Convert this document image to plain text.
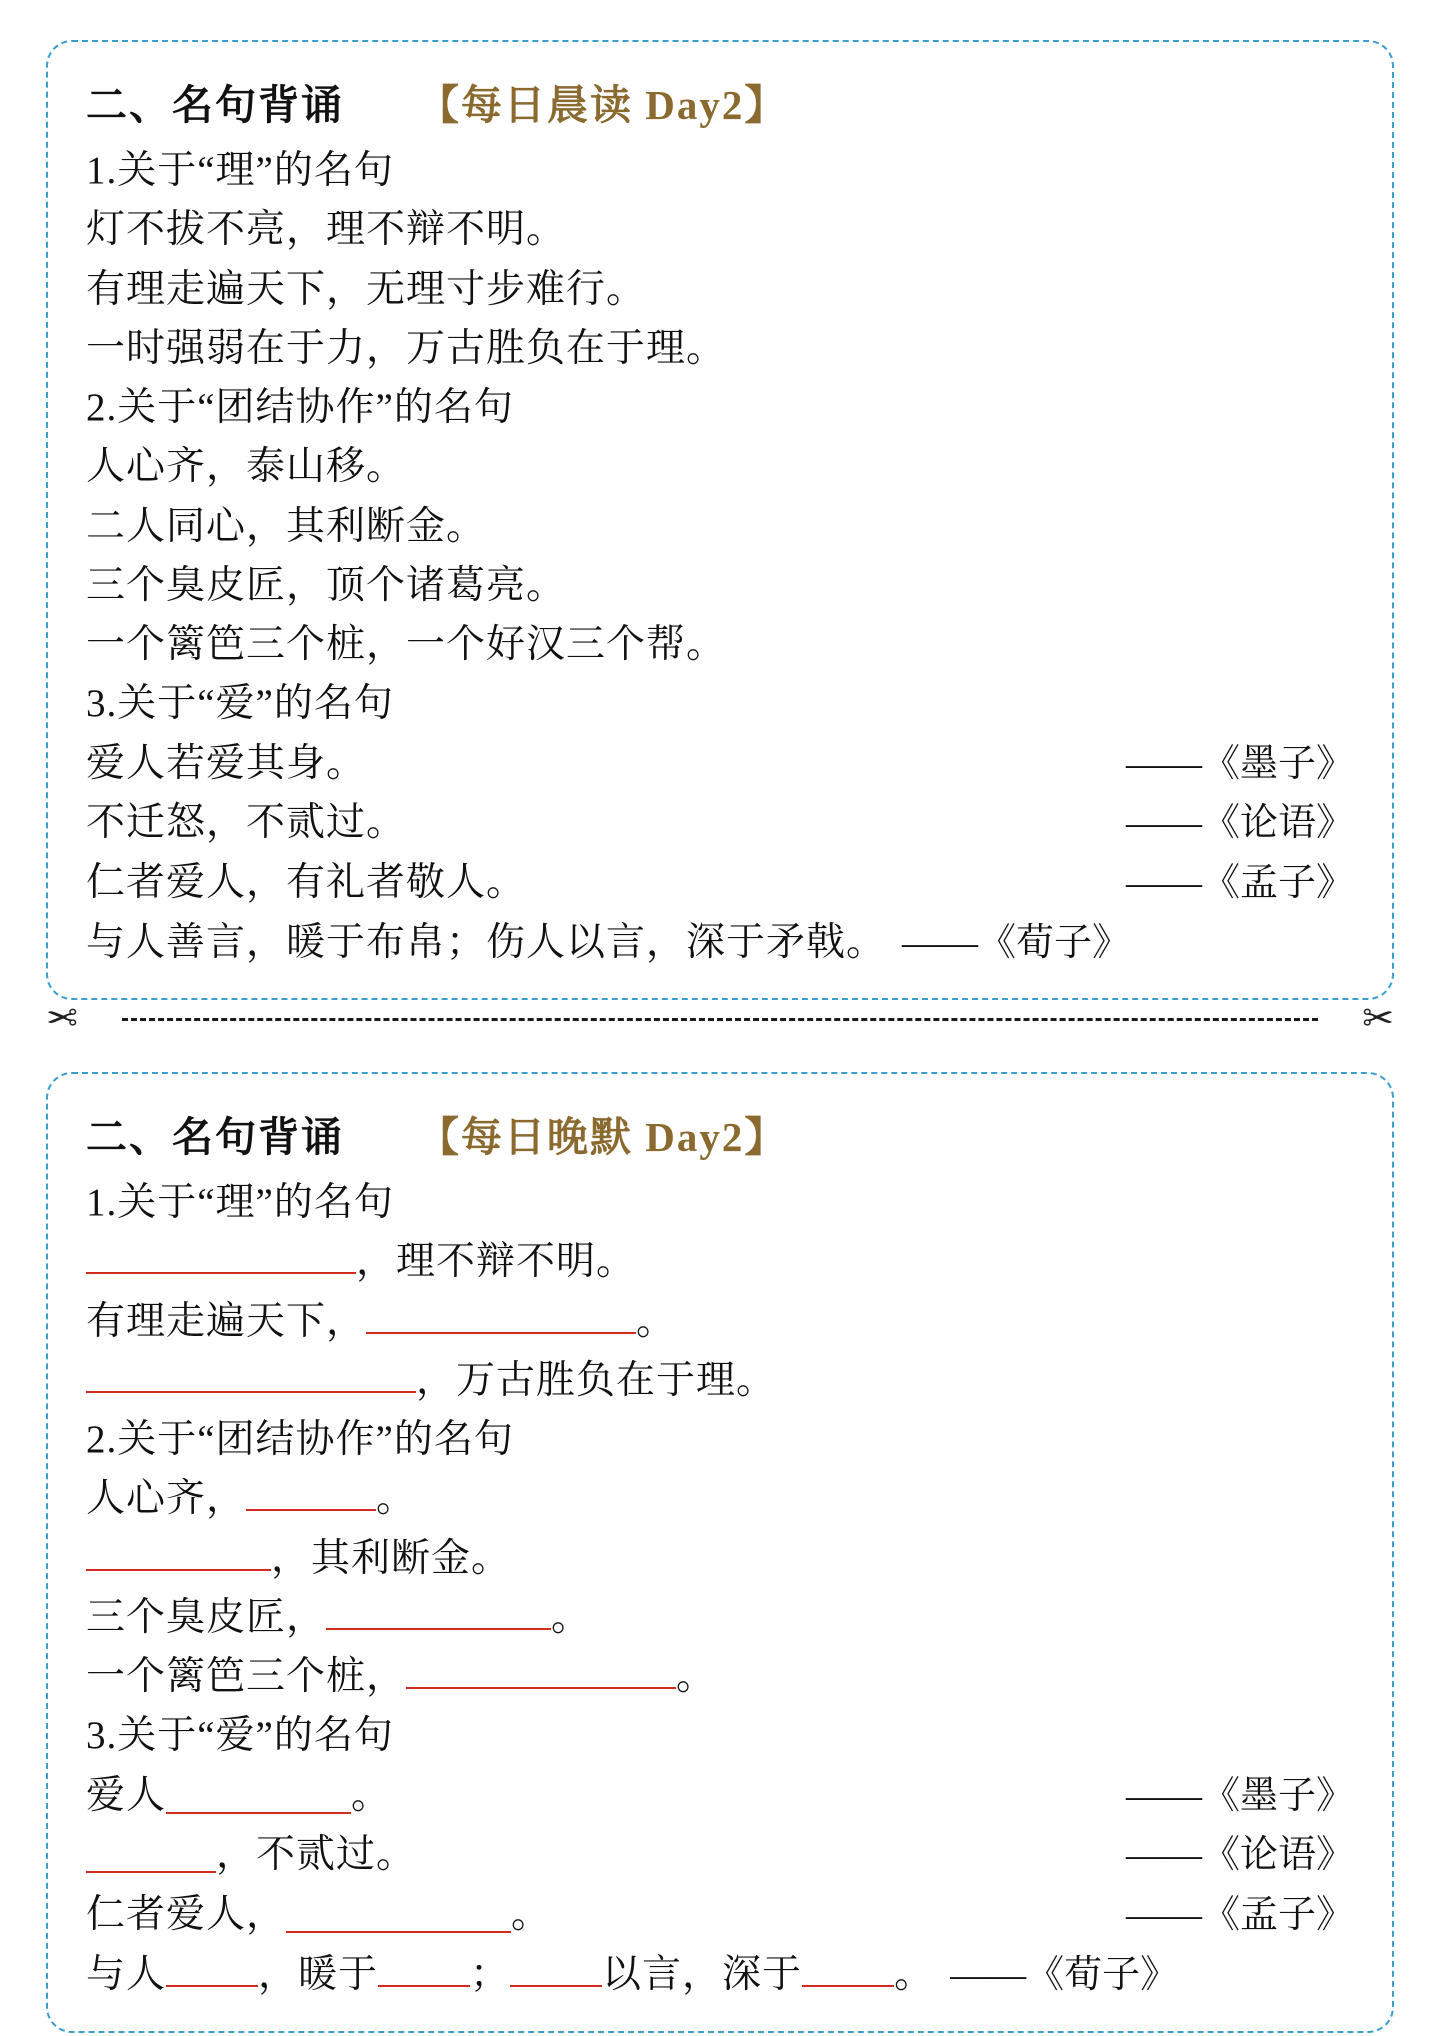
二、名句背诵 【每日晨读 Day2】
1.关于“理”的名句
灯不拔不亮，理不辩不明。
有理走遍天下，无理寸步难行。
一时强弱在于力，万古胜负在于理。
2.关于“团结协作”的名句
人心齐，泰山移。
二人同心，其利断金。
三个臭皮匠，顶个诸葛亮。
一个篱笆三个桩，一个好汉三个帮。
3.关于“爱”的名句
爱人若爱其身。	——《墨子》
不迁怒，不贰过。	——《论语》
仁者爱人，有礼者敬人。	——《孟子》
与人善言，暖于布帛；伤人以言，深于矛戟。 ——《荀子》
✂	✂
二、名句背诵 【每日晚默 Day2】
1.关于“理”的名句
，理不辩不明。
有理走遍天下，	。
，万古胜负在于理。
2.关于“团结协作”的名句
人心齐，	。
，其利断金。
三个臭皮匠，	。
一个篱笆三个桩，	。
3.关于“爱”的名句
爱人	。	——《墨子》
，不贰过。	——《论语》
仁者爱人，	。	——《孟子》
与人 ，暖于 ； 以言，深于 。 ——《荀子》
